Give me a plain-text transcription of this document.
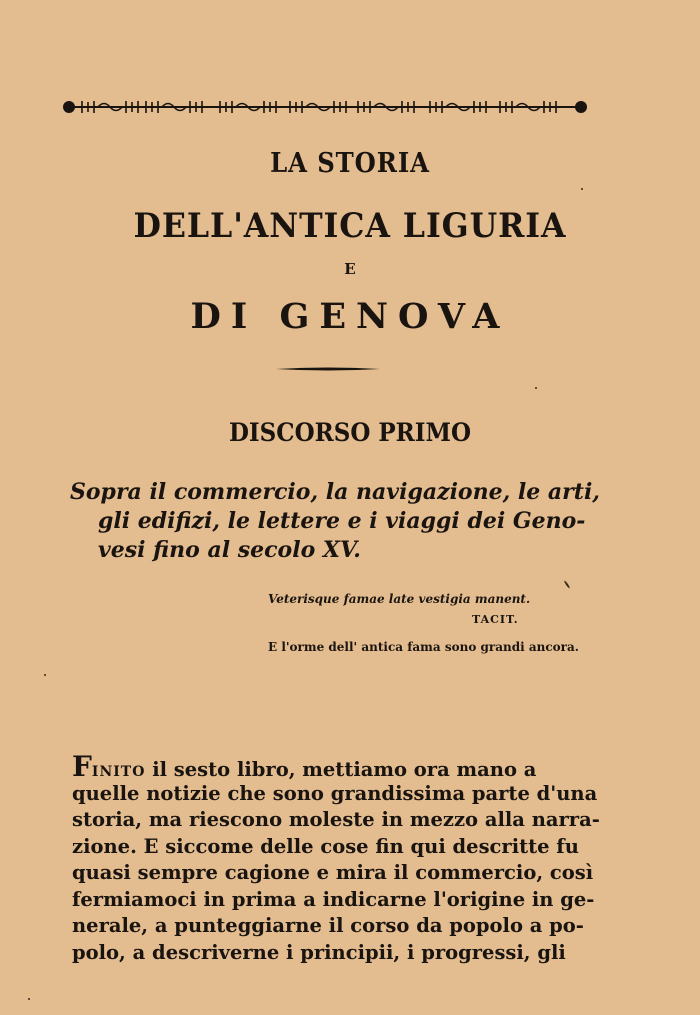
LA STORIA
DELL'ANTICA LIGURIA
E
DI GENOVA
DISCORSO PRIMO
Sopra il commercio, la navigazione, le arti,
gli edifizi, le lettere e i viaggi dei Geno-
vesi fino al secolo XV.
Veterisque famae late vestigia manent.
TACIT.
E l'orme dell' antica fama sono grandi ancora.
FINITO il sesto libro, mettiamo ora mano a
quelle notizie che sono grandissima parte d'una
storia, ma riescono moleste in mezzo alla narra-
zione. E siccome delle cose fin qui descritte fu
quasi sempre cagione e mira il commercio, così
fermiamoci in prima a indicarne l'origine in ge-
nerale, a punteggiarne il corso da popolo a po-
polo, a descriverne i principii, i progressi, gli
